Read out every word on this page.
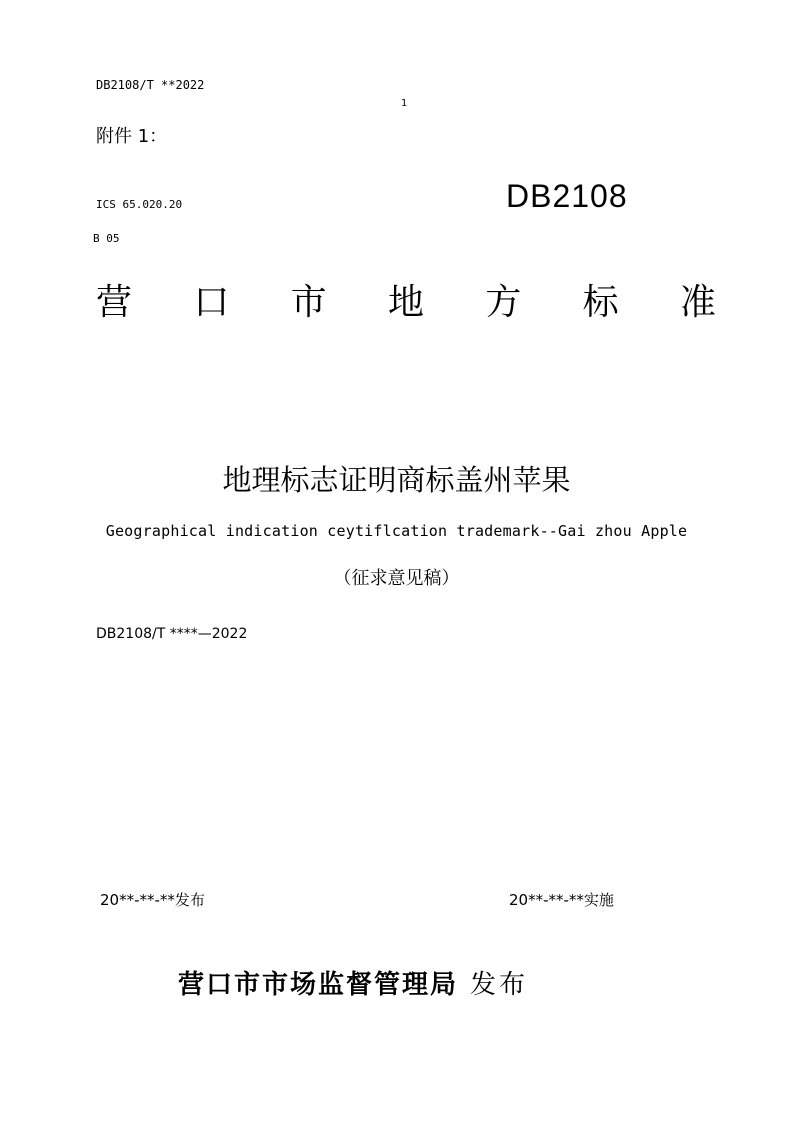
DB2108/T **2022
1
附件 1：
ICS 65.020.20	DB2108
B 05
营 口 市 地 方 标 准
地理标志证明商标盖州苹果
Geographical indication ceytiflcation trademark--Gai zhou Apple
（征求意见稿）
DB2108/T ****—2022
20**-**-**发布	20**-**-**实施
营口市市场监督管理局 发布
